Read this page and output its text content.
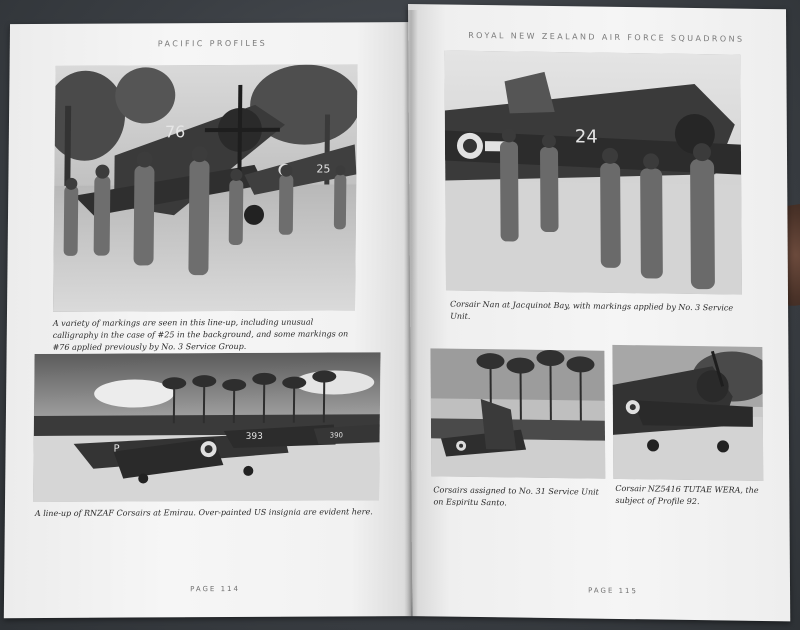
PACIFIC PROFILES
76
25
A variety of markings are seen in this line-up, including unusual calligraphy in the case of #25 in the background, and some markings on #76 applied previously by No. 3 Service Group.
P
393	390
A line-up of RNZAF Corsairs at Emirau. Over-painted US insignia are evident here.
PAGE 114
ROYAL NEW ZEALAND AIR FORCE SQUADRONS
24
Corsair Nan at Jacquinot Bay, with markings applied by No. 3 Service Unit.
Corsairs assigned to No. 31 Service Unit on Espiritu Santo.
Corsair NZ5416 TUTAE WERA, the subject of Profile 92.
PAGE 115
